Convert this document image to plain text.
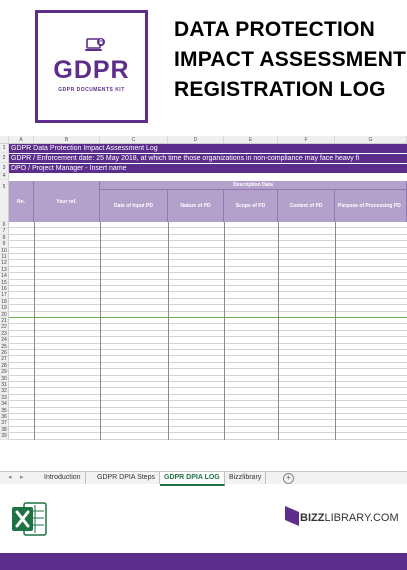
GDPR
GDPR DOCUMENTS KIT
DATA PROTECTION
IMPACT ASSESSMENT
REGISTRATION LOG
A	B	C	D	E	F	G
1
2
3
4
5
GDPR Data Protection Impact Assessment Log
GDPR / Enforcement date: 25 May 2018, at which time those organizations in non-compliance may face heavy fi
DPO / Project Manager - Insert name
No.	Your ref.
Description Data
Date of input PD	Nature of PD	Scope of PD	Context of PD	Purpose of Processing PD
6
7
8
9
10
11
12
13
14
15
16
17
18
19
20
21
22
23
24
25
26
27
28
29
30
31
32
33
34
35
36
37
38
39
◂ ▸	Introduction	GDPR DPIA Steps	GDPR DPIA LOG	Bizzlibrary	+
BIZZLIBRARY.COM
